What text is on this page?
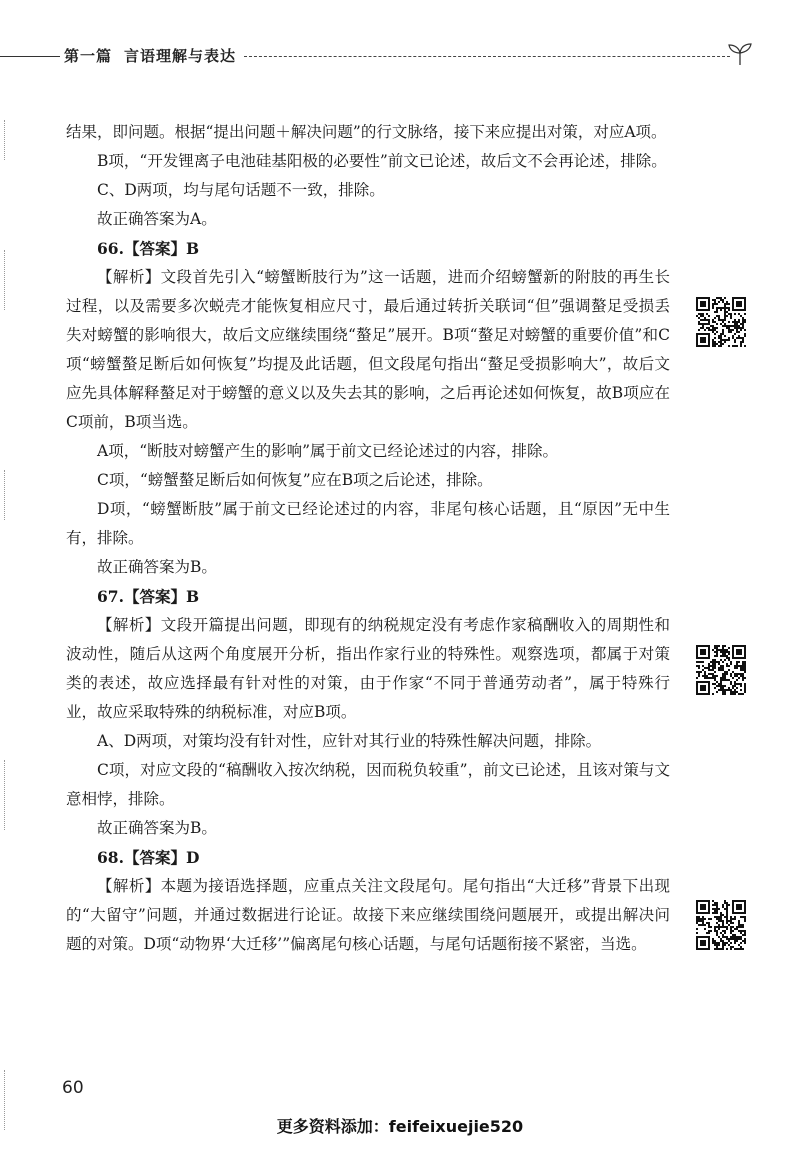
第一篇 言语理解与表达

结果，即问题。根据“提出问题＋解决问题”的行文脉络，接下来应提出对策，对应A项。

B项，“开发锂离子电池硅基阳极的必要性”前文已论述，故后文不会再论述，排除。

C、D两项，均与尾句话题不一致，排除。

故正确答案为A。

66.【答案】B

【解析】文段首先引入“螃蟹断肢行为”这一话题，进而介绍螃蟹新的附肢的再生长过程，以及需要多次蜕壳才能恢复相应尺寸，最后通过转折关联词“但”强调螯足受损丢失对螃蟹的影响很大，故后文应继续围绕“螯足”展开。B项“螯足对螃蟹的重要价值”和C项“螃蟹螯足断后如何恢复”均提及此话题，但文段尾句指出“螯足受损影响大”，故后文应先具体解释螯足对于螃蟹的意义以及失去其的影响，之后再论述如何恢复，故B项应在C项前，B项当选。

A项，“断肢对螃蟹产生的影响”属于前文已经论述过的内容，排除。

C项，“螃蟹螯足断后如何恢复”应在B项之后论述，排除。

D项，“螃蟹断肢”属于前文已经论述过的内容，非尾句核心话题，且“原因”无中生有，排除。

故正确答案为B。

67.【答案】B

【解析】文段开篇提出问题，即现有的纳税规定没有考虑作家稿酬收入的周期性和波动性，随后从这两个角度展开分析，指出作家行业的特殊性。观察选项，都属于对策类的表述，故应选择最有针对性的对策，由于作家“不同于普通劳动者”，属于特殊行业，故应采取特殊的纳税标准，对应B项。

A、D两项，对策均没有针对性，应针对其行业的特殊性解决问题，排除。

C项，对应文段的“稿酬收入按次纳税，因而税负较重”，前文已论述，且该对策与文意相悖，排除。

故正确答案为B。

68.【答案】D

【解析】本题为接语选择题，应重点关注文段尾句。尾句指出“大迁移”背景下出现的“大留守”问题，并通过数据进行论证。故接下来应继续围绕问题展开，或提出解决问题的对策。D项“动物界‘大迁移’”偏离尾句核心话题，与尾句话题衔接不紧密，当选。

60
更多资料添加：feifeixuejie520
